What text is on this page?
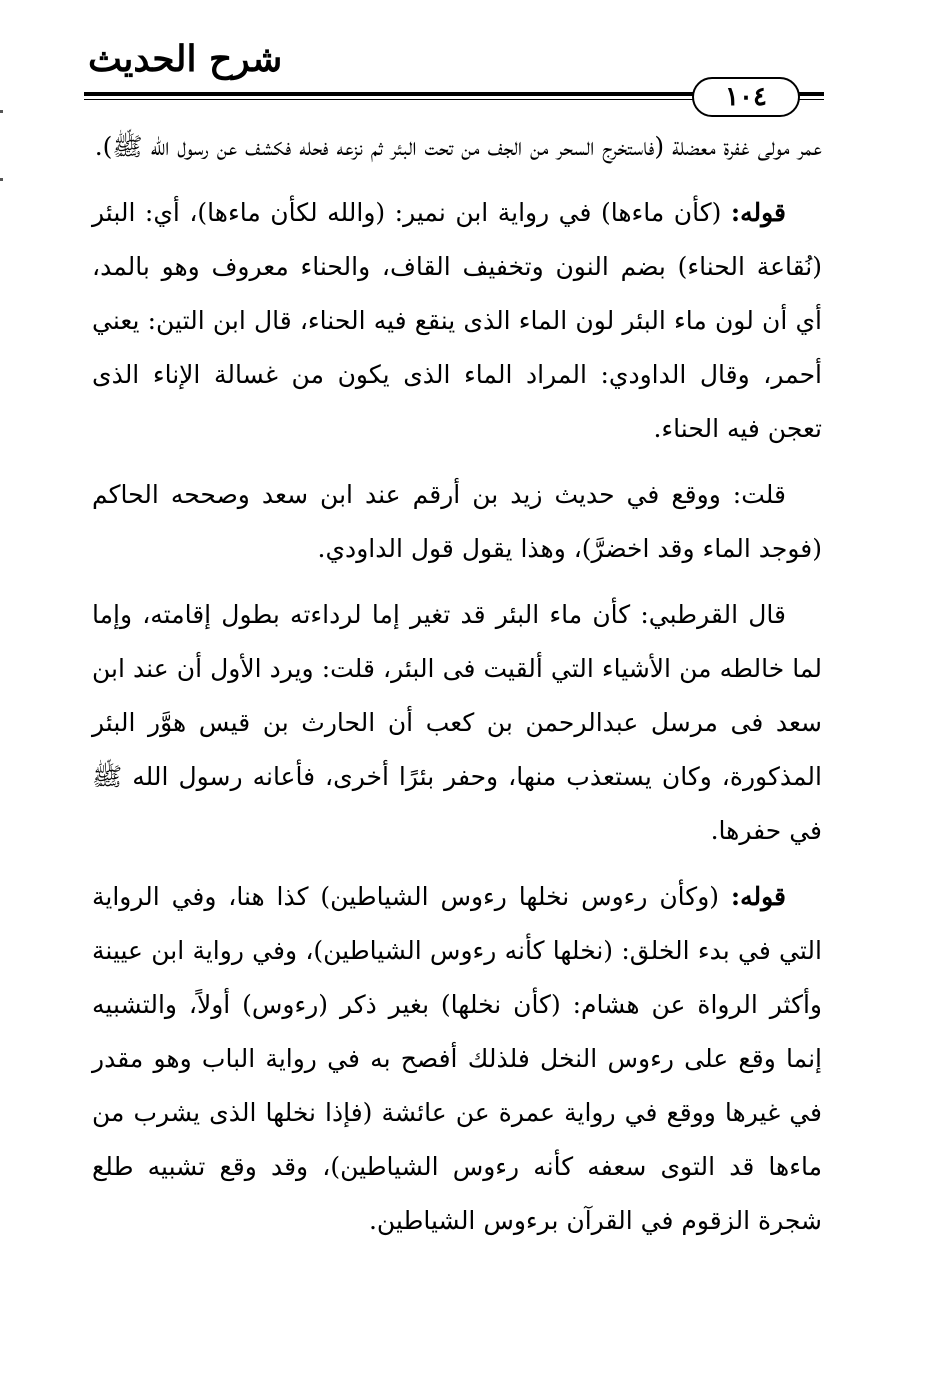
شرح الحديث
١٠٤

عمر مولى غفرة معضلة (فاستخرج السحر من الجف من تحت البئر ثم نزعه فحله فكشف عن رسول الله ﷺ).

قوله: (كأن ماءها) في رواية ابن نمير: (والله لكأن ماءها)، أي: البئر (نُقاعة الحناء) بضم النون وتخفيف القاف، والحناء معروف وهو بالمد، أي أن لون ماء البئر لون الماء الذى ينقع فيه الحناء، قال ابن التين: يعني أحمر، وقال الداودي: المراد الماء الذى يكون من غسالة الإناء الذى تعجن فيه الحناء.

قلت: ووقع في حديث زيد بن أرقم عند ابن سعد وصححه الحاكم (فوجد الماء وقد اخضرَّ)، وهذا يقول قول الداودي.

قال القرطبي: كأن ماء البئر قد تغير إما لرداءته بطول إقامته، وإما لما خالطه من الأشياء التي ألقيت فى البئر، قلت: ويرد الأول أن عند ابن سعد فى مرسل عبدالرحمن بن كعب أن الحارث بن قيس هوَّر البئر المذكورة، وكان يستعذب منها، وحفر بئرًا أخرى، فأعانه رسول الله ﷺ في حفرها.

قوله: (وكأن رءوس نخلها رءوس الشياطين) كذا هنا، وفي الرواية التي في بدء الخلق: (نخلها كأنه رءوس الشياطين)، وفي رواية ابن عيينة وأكثر الرواة عن هشام: (كأن نخلها) بغير ذكر (رءوس) أولاً، والتشبيه إنما وقع على رءوس النخل فلذلك أفصح به في رواية الباب وهو مقدر في غيرها ووقع في رواية عمرة عن عائشة (فإذا نخلها الذى يشرب من ماءها قد التوى سعفه كأنه رءوس الشياطين)، وقد وقع تشبيه طلع شجرة الزقوم في القرآن برءوس الشياطين.
